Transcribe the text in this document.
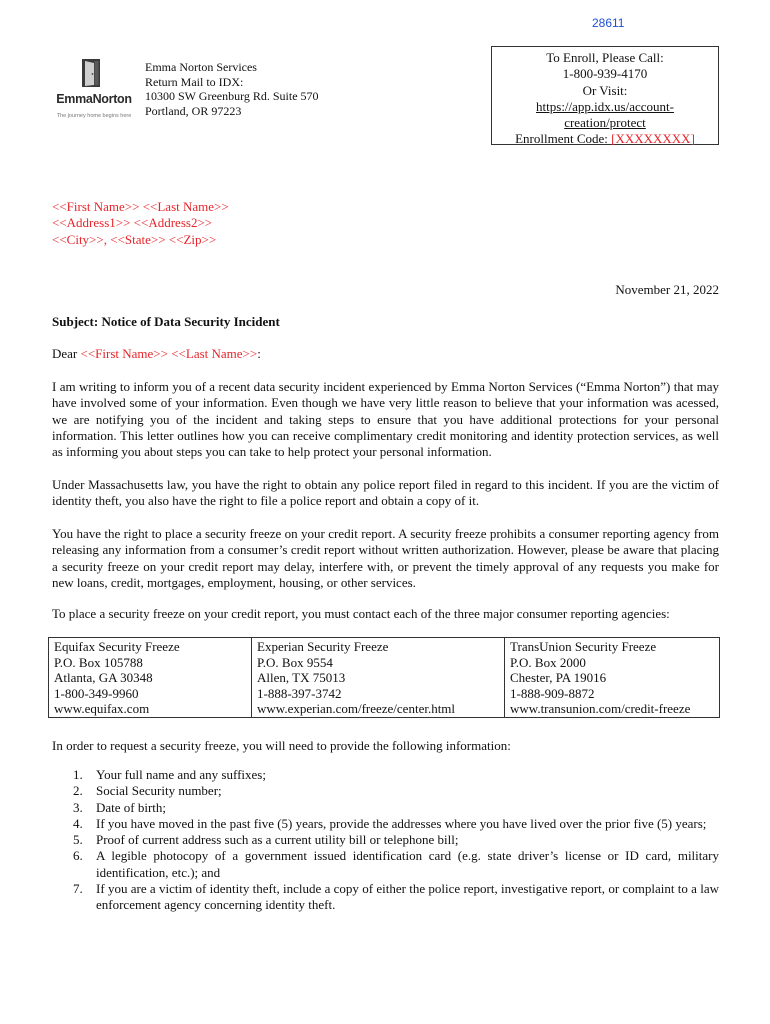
28611
EmmaNorton
The journey home begins here
Emma Norton Services
Return Mail to IDX:
10300 SW Greenburg Rd. Suite 570
Portland, OR 97223
To Enroll, Please Call:
1-800-939-4170
Or Visit:
https://app.idx.us/account-
creation/protect
Enrollment Code: [XXXXXXXX]
<<First Name>> <<Last Name>>
<<Address1>> <<Address2>>
<<City>>, <<State>> <<Zip>>
November 21, 2022
Subject: Notice of Data Security Incident
Dear <<First Name>> <<Last Name>>:

I am writing to inform you of a recent data security incident experienced by Emma Norton Services (“Emma Norton”) that may have involved some of your information. Even though we have very little reason to believe that your information was acessed, we are notifying you of the incident and taking steps to ensure that you have additional protections for your personal information. This letter outlines how you can receive complimentary credit monitoring and identity protection services, as well as informing you about steps you can take to help protect your personal information.

Under Massachusetts law, you have the right to obtain any police report filed in regard to this incident. If you are the victim of identity theft, you also have the right to file a police report and obtain a copy of it.

You have the right to place a security freeze on your credit report. A security freeze prohibits a consumer reporting agency from releasing any information from a consumer’s credit report without written authorization. However, please be aware that placing a security freeze on your credit report may delay, interfere with, or prevent the timely approval of any requests you make for new loans, credit, mortgages, employment, housing, or other services.

To place a security freeze on your credit report, you must contact each of the three major consumer reporting agencies:

Equifax Security Freeze
P.O. Box 105788
Atlanta, GA 30348
1-800-349-9960
www.equifax.com

Experian Security Freeze
P.O. Box 9554
Allen, TX 75013
1-888-397-3742
www.experian.com/freeze/center.html

TransUnion Security Freeze
P.O. Box 2000
Chester, PA 19016
1-888-909-8872
www.transunion.com/credit-freeze
In order to request a security freeze, you will need to provide the following information:
1. Your full name and any suffixes;
2. Social Security number;
3. Date of birth;
4. If you have moved in the past five (5) years, provide the addresses where you have lived over the prior five (5) years;
5. Proof of current address such as a current utility bill or telephone bill;
6. A legible photocopy of a government issued identification card (e.g. state driver’s license or ID card, military identification, etc.); and
7. If you are a victim of identity theft, include a copy of either the police report, investigative report, or complaint to a law enforcement agency concerning identity theft.
